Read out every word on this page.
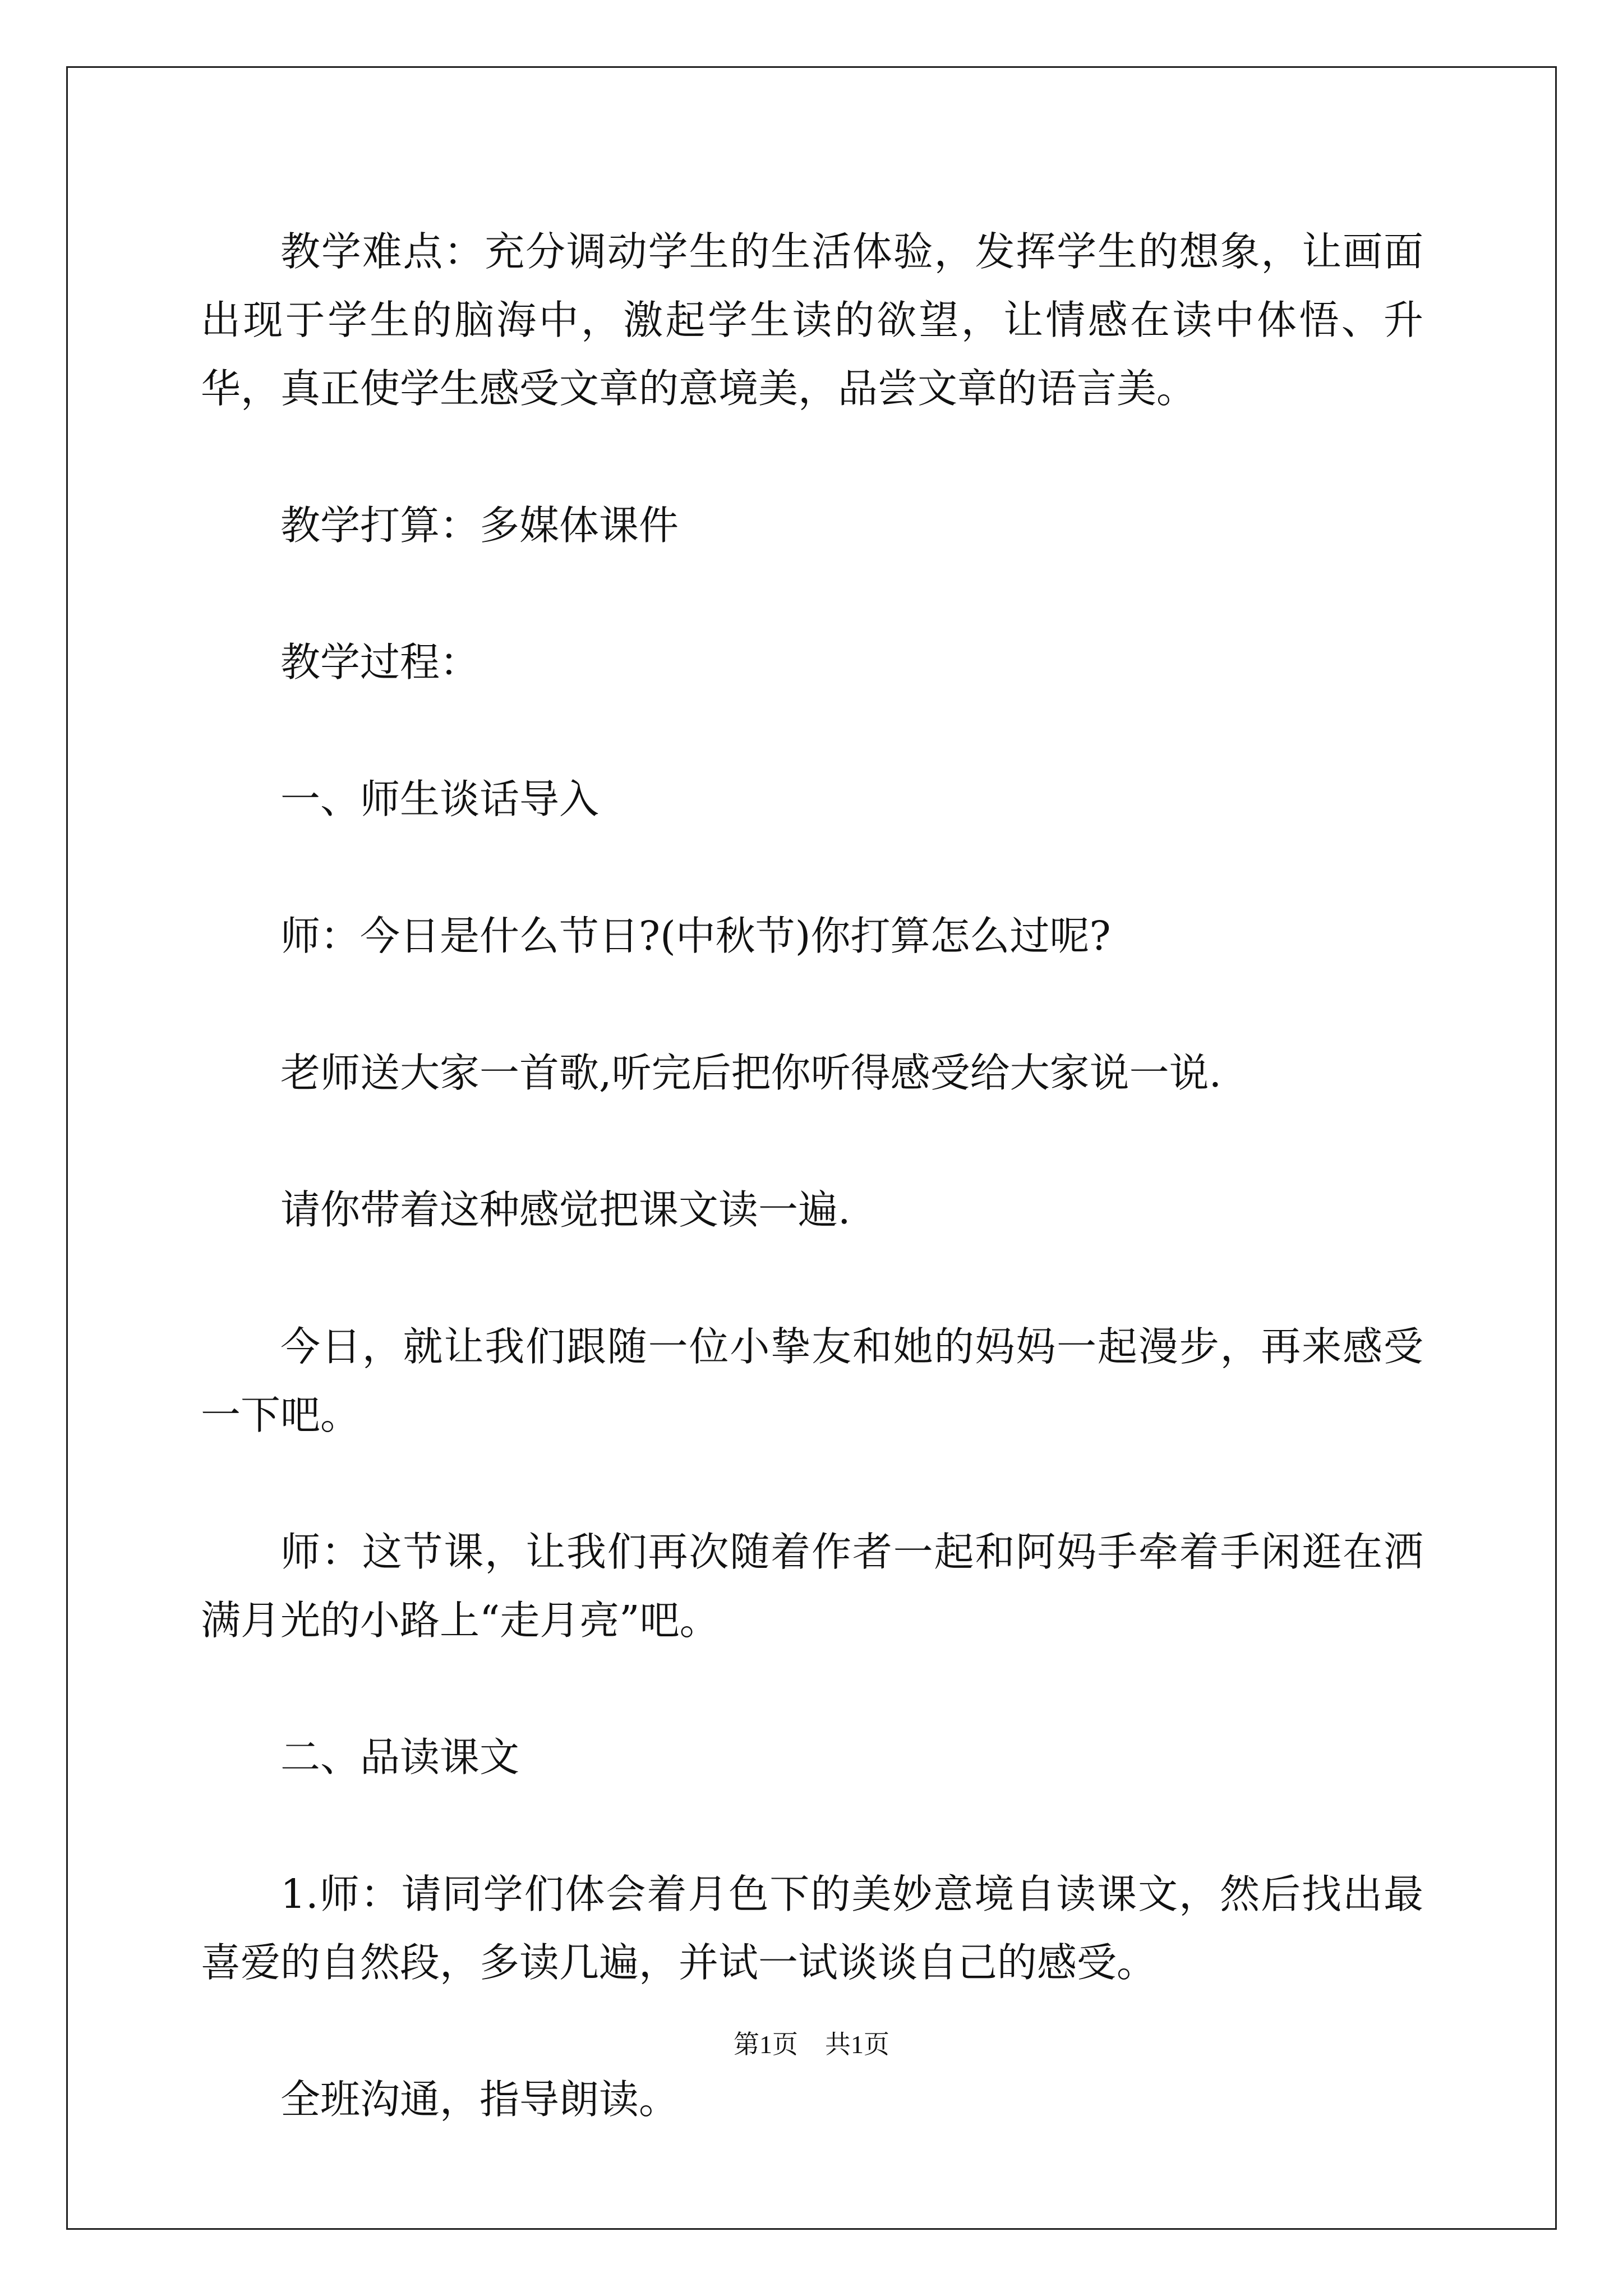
教学难点：充分调动学生的生活体验，发挥学生的想象，让画面出现于学生的脑海中，激起学生读的欲望，让情感在读中体悟、升华，真正使学生感受文章的意境美，品尝文章的语言美。

教学打算：多媒体课件

教学过程：

一、师生谈话导入

师：今日是什么节日?(中秋节)你打算怎么过呢?

老师送大家一首歌,听完后把你听得感受给大家说一说.

请你带着这种感觉把课文读一遍.

今日，就让我们跟随一位小挚友和她的妈妈一起漫步，再来感受一下吧。

师：这节课，让我们再次随着作者一起和阿妈手牵着手闲逛在洒满月光的小路上“走月亮”吧。

二、品读课文

1.师：请同学们体会着月色下的美妙意境自读课文，然后找出最喜爱的自然段，多读几遍，并试一试谈谈自己的感受。

全班沟通，指导朗读。

第1页 共1页
